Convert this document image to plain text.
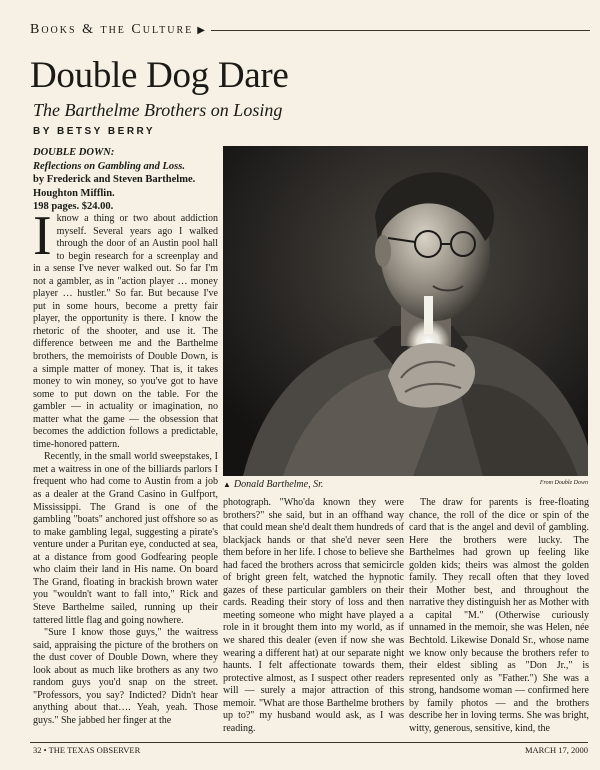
Books & the Culture ▶
Double Dog Dare
The Barthelme Brothers on Losing
BY BETSY BERRY
DOUBLE DOWN:
Reflections on Gambling and Loss.
by Frederick and Steven Barthelme.
Houghton Mifflin.
198 pages. $24.00.

Iknow a thing or two about addiction myself. Several years ago I walked through the door of an Austin pool hall to begin research for a screenplay and in a sense I've never walked out. So far I'm not a gambler, as in "action player … money player … hustler." So far. But because I've put in some hours, become a pretty fair player, the opportunity is there. I know the rhetoric of the shooter, and use it. The difference between me and the Barthelme brothers, the memoirists of Double Down, is a simple matter of money. That is, it takes money to win money, so you've got to have some to put down on the table. For the gambler — in actuality or imagination, no matter what the game — the obsession that becomes the addiction follows a predictable, time-honored pattern.

Recently, in the small world sweepstakes, I met a waitress in one of the billiards parlors I frequent who had come to Austin from a job as a dealer at the Grand Casino in Gulfport, Mississippi. The Grand is one of the gambling "boats" anchored just offshore so as to make gambling legal, suggesting a pirate's venture under a Puritan eye, conducted at sea, at a distance from good Godfearing people who claim their land in His name. On board The Grand, floating in brackish brown water you "wouldn't want to fall into," Rick and Steve Barthelme sailed, running up their tattered little flag and going nowhere.

"Sure I know those guys," the waitress said, appraising the picture of the brothers on the dust cover of Double Down, where they look about as much like brothers as any two random guys you'd snap on the street. "Professors, you say? Indicted? Didn't hear anything about that…. Yeah, yeah. Those guys." She jabbed her finger at the

▲ Donald Barthelme, Sr.	From Double Down

photograph. "Who'da known they were brothers?" she said, but in an offhand way that could mean she'd dealt them hundreds of blackjack hands or that she'd never seen them before in her life. I chose to believe she had faced the brothers across that semicircle of bright green felt, watched the hypnotic gazes of these particular gamblers on their cards. Reading their story of loss and then meeting someone who might have played a role in it brought them into my world, as if we shared this dealer (even if now she was wearing a different hat) at our separate night haunts. I felt affectionate towards them, protective almost, as I suspect other readers will — surely a major attraction of this memoir. "What are those Barthelme brothers up to?" my husband would ask, as I was reading.

The draw for parents is free-floating chance, the roll of the dice or spin of the card that is the angel and devil of gambling. Here the brothers were lucky. The Barthelmes had grown up feeling like golden kids; theirs was almost the golden family. They recall often that they loved their Mother best, and throughout the narrative they distinguish her as Mother with a capital "M." (Otherwise curiously unnamed in the memoir, she was Helen, née Bechtold. Likewise Donald Sr., whose name we know only because the brothers refer to their eldest sibling as "Don Jr.," is represented only as "Father.") She was a strong, handsome woman — confirmed here by family photos — and the brothers describe her in loving terms. She was bright, witty, generous, sensitive, kind, the

32 • THE TEXAS OBSERVER	MARCH 17, 2000
